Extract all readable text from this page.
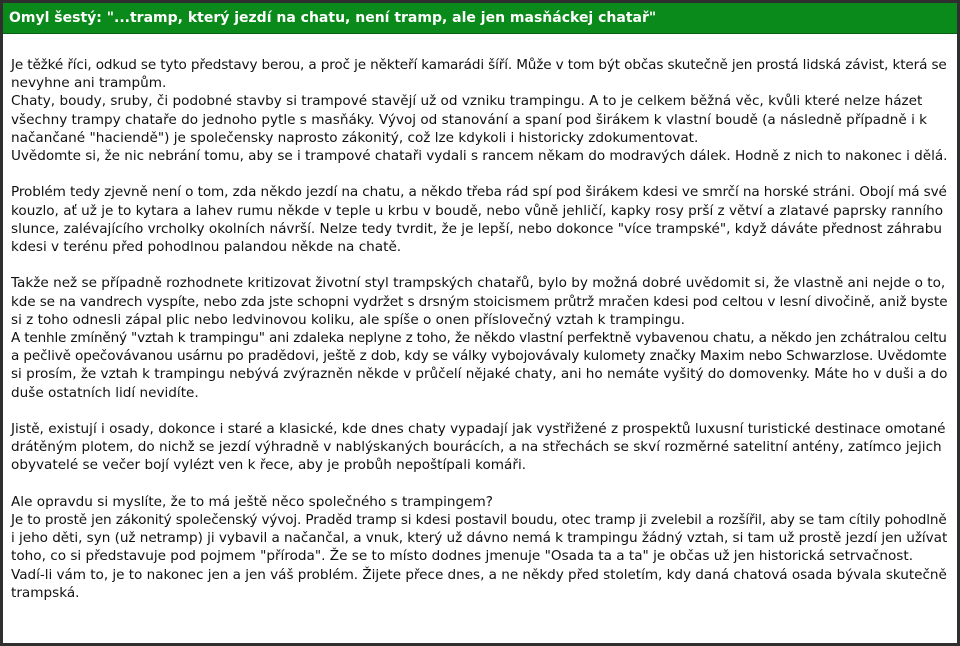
Omyl šestý: "...tramp, který jezdí na chatu, není tramp, ale jen masňáckej chatař"
Je těžké říci, odkud se tyto představy berou, a proč je někteří kamarádi šíří. Může v tom být občas skutečně jen prostá lidská závist, která se
nevyhne ani trampům.
Chaty, boudy, sruby, či podobné stavby si trampové stavějí už od vzniku trampingu. A to je celkem běžná věc, kvůli které nelze házet
všechny trampy chataře do jednoho pytle s masňáky. Vývoj od stanování a spaní pod širákem k vlastní boudě (a následně případně i k
načančané "haciendě") je společensky naprosto zákonitý, což lze kdykoli i historicky zdokumentovat.
Uvědomte si, že nic nebrání tomu, aby se i trampové chataři vydali s rancem někam do modravých dálek. Hodně z nich to nakonec i dělá.
Problém tedy zjevně není o tom, zda někdo jezdí na chatu, a někdo třeba rád spí pod širákem kdesi ve smrčí na horské stráni. Obojí má své
kouzlo, ať už je to kytara a lahev rumu někde v teple u krbu v boudě, nebo vůně jehličí, kapky rosy prší z větví a zlatavé paprsky ranního
slunce, zalévajícího vrcholky okolních návrší. Nelze tedy tvrdit, že je lepší, nebo dokonce "více trampské", když dáváte přednost záhrabu
kdesi v terénu před pohodlnou palandou někde na chatě.
Takže než se případně rozhodnete kritizovat životní styl trampských chatařů, bylo by možná dobré uvědomit si, že vlastně ani nejde o to,
kde se na vandrech vyspíte, nebo zda jste schopni vydržet s drsným stoicismem průtrž mračen kdesi pod celtou v lesní divočině, aniž byste
si z toho odnesli zápal plic nebo ledvinovou koliku, ale spíše o onen příslovečný vztah k trampingu.
A tenhle zmíněný "vztah k trampingu" ani zdaleka neplyne z toho, že někdo vlastní perfektně vybavenou chatu, a někdo jen zchátralou celtu
a pečlivě opečovávanou usárnu po pradědovi, ještě z dob, kdy se války vybojovávaly kulomety značky Maxim nebo Schwarzlose. Uvědomte
si prosím, že vztah k trampingu nebývá zvýrazněn někde v průčelí nějaké chaty, ani ho nemáte vyšitý do domovenky. Máte ho v duši a do
duše ostatních lidí nevidíte.
Jistě, existují i osady, dokonce i staré a klasické, kde dnes chaty vypadají jak vystřižené z prospektů luxusní turistické destinace omotané
drátěným plotem, do nichž se jezdí výhradně v nablýskaných bourácích, a na střechách se skví rozměrné satelitní antény, zatímco jejich
obyvatelé se večer bojí vylézt ven k řece, aby je probůh nepoštípali komáři.
Ale opravdu si myslíte, že to má ještě něco společného s trampingem?
Je to prostě jen zákonitý společenský vývoj. Praděd tramp si kdesi postavil boudu, otec tramp ji zvelebil a rozšířil, aby se tam cítily pohodlně
i jeho děti, syn (už netramp) ji vybavil a načančal, a vnuk, který už dávno nemá k trampingu žádný vztah, si tam už prostě jezdí jen užívat
toho, co si představuje pod pojmem "příroda". Že se to místo dodnes jmenuje "Osada ta a ta" je občas už jen historická setrvačnost.
Vadí-li vám to, je to nakonec jen a jen váš problém. Žijete přece dnes, a ne někdy před stoletím, kdy daná chatová osada bývala skutečně
trampská.
